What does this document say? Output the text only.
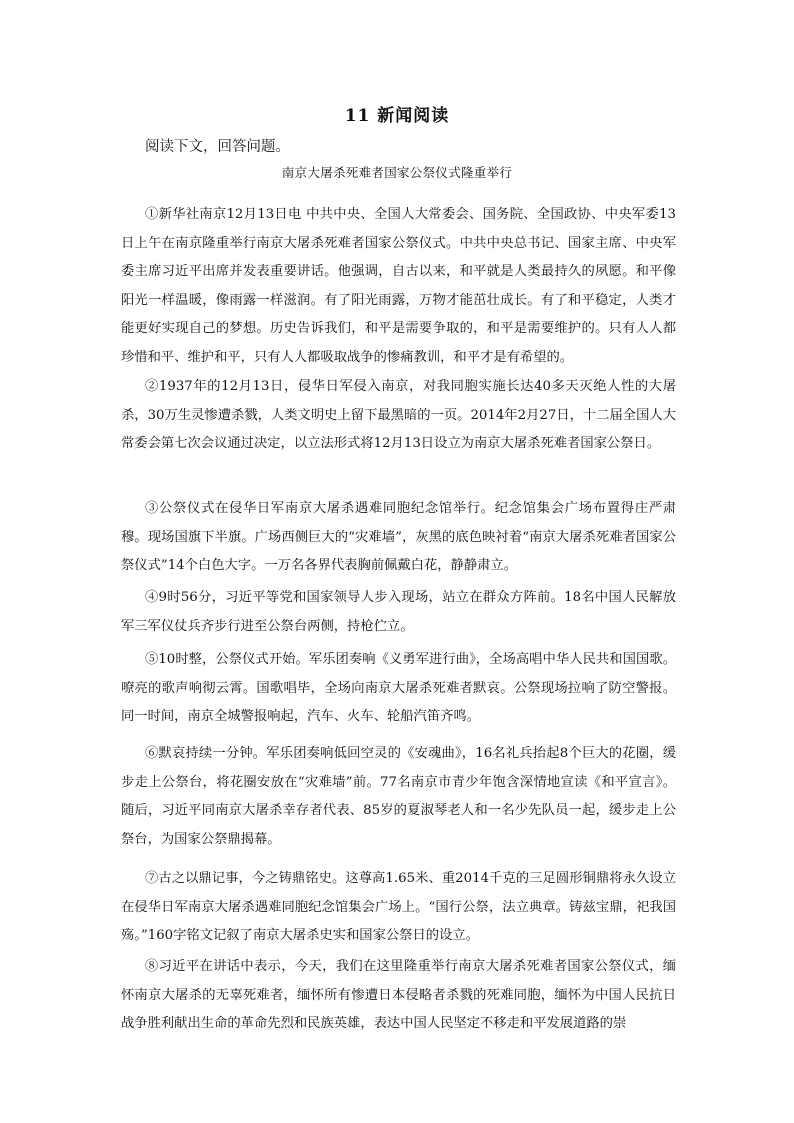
11 新闻阅读
阅读下文，回答问题。
南京大屠杀死难者国家公祭仪式隆重举行

①新华社南京12月13日电 中共中央、全国人大常委会、国务院、全国政协、中央军委13日上午在南京隆重举行南京大屠杀死难者国家公祭仪式。中共中央总书记、国家主席、中央军委主席习近平出席并发表重要讲话。他强调，自古以来，和平就是人类最持久的夙愿。和平像阳光一样温暖，像雨露一样滋润。有了阳光雨露，万物才能茁壮成长。有了和平稳定，人类才能更好实现自己的梦想。历史告诉我们，和平是需要争取的，和平是需要维护的。只有人人都珍惜和平、维护和平，只有人人都吸取战争的惨痛教训，和平才是有希望的。

②1937年的12月13日，侵华日军侵入南京，对我同胞实施长达40多天灭绝人性的大屠杀，30万生灵惨遭杀戮，人类文明史上留下最黑暗的一页。2014年2月27日，十二届全国人大常委会第七次会议通过决定，以立法形式将12月13日设立为南京大屠杀死难者国家公祭日。

③公祭仪式在侵华日军南京大屠杀遇难同胞纪念馆举行。纪念馆集会广场布置得庄严肃穆。现场国旗下半旗。广场西侧巨大的“灾难墙”，灰黑的底色映衬着“南京大屠杀死难者国家公祭仪式”14个白色大字。一万名各界代表胸前佩戴白花，静静肃立。

④9时56分，习近平等党和国家领导人步入现场，站立在群众方阵前。18名中国人民解放军三军仪仗兵齐步行进至公祭台两侧，持枪伫立。

⑤10时整，公祭仪式开始。军乐团奏响《义勇军进行曲》，全场高唱中华人民共和国国歌。嘹亮的歌声响彻云霄。国歌唱毕，全场向南京大屠杀死难者默哀。公祭现场拉响了防空警报。同一时间，南京全城警报响起，汽车、火车、轮船汽笛齐鸣。

⑥默哀持续一分钟。军乐团奏响低回空灵的《安魂曲》，16名礼兵抬起8个巨大的花圈，缓步走上公祭台，将花圈安放在“灾难墙”前。77名南京市青少年饱含深情地宣读《和平宣言》。随后，习近平同南京大屠杀幸存者代表、85岁的夏淑琴老人和一名少先队员一起，缓步走上公祭台，为国家公祭鼎揭幕。

⑦古之以鼎记事，今之铸鼎铭史。这尊高1.65米、重2014千克的三足圆形铜鼎将永久设立在侵华日军南京大屠杀遇难同胞纪念馆集会广场上。“国行公祭，法立典章。铸兹宝鼎，祀我国殇。”160字铭文记叙了南京大屠杀史实和国家公祭日的设立。

⑧习近平在讲话中表示，今天，我们在这里隆重举行南京大屠杀死难者国家公祭仪式，缅怀南京大屠杀的无辜死难者，缅怀所有惨遭日本侵略者杀戮的死难同胞，缅怀为中国人民抗日战争胜利献出生命的革命先烈和民族英雄，表达中国人民坚定不移走和平发展道路的崇
